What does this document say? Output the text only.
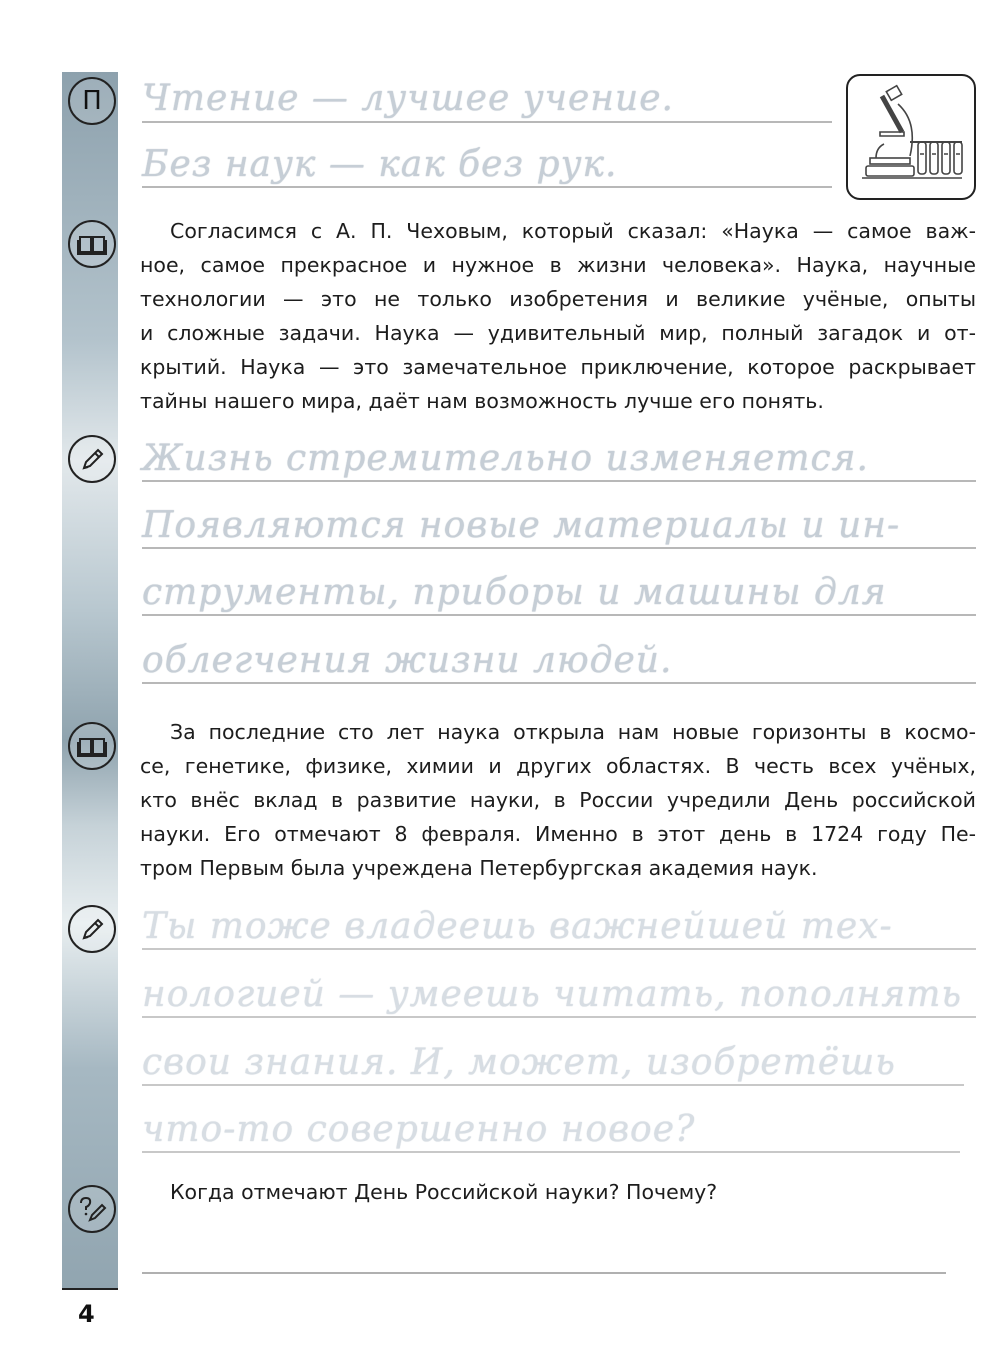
4
П Чтение — лучшее учение.
Без наук — как без рук.
Согласимся с А. П. Чеховым, который сказал: «Наука — самое важ-
ное, самое прекрасное и нужное в жизни человека». Наука, научные
технологии — это не только изобретения и великие учёные, опыты
и сложные задачи. Наука — удивительный мир, полный загадок и от-
крытий. Наука — это замечательное приключение, которое раскрывает
тайны нашего мира, даёт нам возможность лучше его понять.
Жизнь стремительно изменяется.
Появляются новые материалы и ин-
струменты, приборы и машины для
облегчения жизни людей.
За последние сто лет наука открыла нам новые горизонты в космо-
се, генетике, физике, химии и других областях. В честь всех учёных,
кто внёс вклад в развитие науки, в России учредили День российской
науки. Его отмечают 8 февраля. Именно в этот день в 1724 году Пе-
тром Первым была учреждена Петербургская академия наук.
Ты тоже владеешь важнейшей тех-
нологией — умеешь читать, пополнять
свои знания. И, может, изобретёшь
что-то совершенно новое?
Когда отмечают День Российской науки? Почему?
